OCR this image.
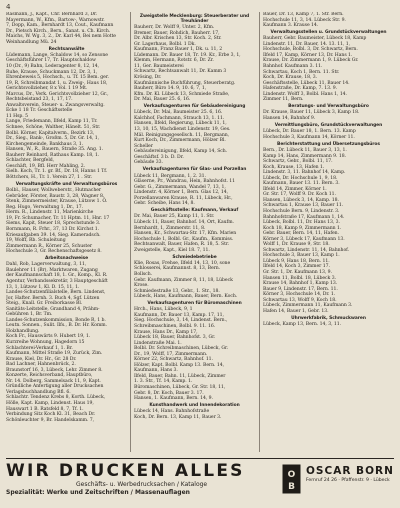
4
Rasmann, J., Kapt., Chr. Bernhard 3, Dr.
Mayermann, W., Kfm., Bartow-, Warnowstr.
7, Dopp, Kam., Bernhardt 13, Cout., Kaufmann
Dr., Pietsch Kirch., Bern., Sanat. u. Ch. Kirch.
Maichs, W. Wg. 3, 2., Dr. Karl 44, Bei nem Hotte
Weinhandlung Mü. 24
Rechtsanwälte
Lüdemann, Lange, Schaldow 14, so Zensone
Geschäftsführer 17, Tr. Hauptschaldow
10 (Dr., 9) Bahn, Lederagenter 8, 12, 14,
Ruhe, Krause, Schuckmann 12, Dr. 3, 1,
Ehrenbeweis 5, Hochsch., u. Tf. 15 Bem. ger.
19, R, Schreibmandat 1, u. Zweig-, Haus 18,
Gerichtsvollzieher, 8 x Vol. 1 19 Mt.
Marcus, Dr., Verk. Gerichtsvollzieher 12, Gr.,
Rechtsbeistand 23, 1, 17, 17.
Anwaltsverein, Steuer- u. Zwangsverwaltg.
Ecke 1 18 Tr. Geschäftsstelle
11 Hsp. 5
Lange, Friedemann, Ilfeld, Kamp 11, Tr.
Schnee, Schöne, Walther, Hänelt. 51, Str.
Bolbl. Körner, Kapitalverm., Bezirk 13,
Dr., Sieg., Bank-, Großm. 5, Dr. Gr. 14, 1,
Kirchengemeinde, Bankhaus 3, 1.
Hansen, W., R., Bauern, Straße 35. Ang. 1.
Bauherr Reinhard, Rathaus Kamp. 18, 1.
Schlachter, Bergfeld,
Geschäft, 19, Bfl. Herr Mahling, 2.
Sielh. Koch, Tr. 1. gr. Bf., Dr. 18, Hanns 1 Tf.
Böttchers, H., Tr. 1. Verein 27, 1 . Str.
Verwaltungskräfte und Verwaltungsbüros
Bolbl., Hauser, Wollweberstr., Hutmacher
Gebrüder, Förster, Baustr. 3, 28, Wagner 8.
Stenk, Zimmermeister, Krause, Lützow 1. Ö.
Reg. Hugo, Verwaltung 1, Dr., 17.
Herm. R., Lindenstr. 11, Marienkirche
19, Fr. Schumacher, Tr. 11 Hptm. 11, Hnr. 17
Siems, Kapit, Steuer 18, Sprechstunde 3.
Bornmann, R. Frhr., 37, 13 Dr. Kirchst 1.
Kriesaufgaben 39. 14, Sieg. Kameradsch.
19, Wolff, Rb. Schuleitung
Zimmermann R., Körner 25, Schuster
Hochschule 3, Gr. Rechenschaftsgesetz 8.
Arbeitsnachweise
Dahl, Rob, Lagerverwaltung, 3, 11,
Baulehrer 11 (Br), Marktwaren, Zugang
der Kaufmannschaft 18, 1. Gr., Komp., Kl. R.
Agentur, Verbandssekretär, 3 Hauptgeschäft
13, 1, Lützow 1, Kl. D. 15, 11, 1.
Landes-Schutzenfilialstelle, Bern. Lindenst,
Jor, Hafter. Bernh. 3. Buch 4, Sgf. Lützen
Steig., Knall. Gr. Freiborkasse Bl.
Sanitäts-Leitstelle, Grandhand 4, Prähm-
Gebühren 1, Br. Tm.
Landes-Schutzenkommission, Bonde R, 1 b.
Leutn. Sonnen., Sulit. Ilfs., B. Dr. Hr. Komm.
Holzhandlung.
Koch Fr., Hauswärts 9. Hubert 19, 1.
Kurzreihe Wohnung, Hagedorn 15
Schlachterei-Verkauf 1, 1. Br.
Kaufmann, Mittel Straße 19, Zurück, Zim.
Krause, Kiel, Dr. Hr., Gr. 28 Dr.
Bad Lachner, Hahnenbrück, 2.
Braunstorf 16, 3, Lübeck, Lehr. Zimmer 8.
Konzerte, Reichsverband, Hauptbüro,
Nr. 14. Dolberg, Sammelsack 11, 9, Kapt.
Gründliche Anfertigung aller Drucksachen
Verlagsbuchhandlung Bfl. 6.
Schlachtr. Tendenz Krebs 8, Korth. Lübeck,
Hölle, Kapt. Kamp, Lindenst. Haus 19,
Hauswart 1 B. Ratsfeld 8, 7, Tf. 1.
Verbindung Sitz Koch Kl. 31, Beach Dr.
Schönleuchter 9, Br. Handelskamm. 7,
Zweigstelle Mecklenburg: Steuerberater und Treuhänder
Bauherr, Dr. Wolff 9, Unter. 2, Kfm.
Bremer, Bauer, Rohdich, Bauherr. 17,
Dr. Albr. Krischen 13, Str. Koch. 2, Str.
Gr. Lagerhaus, Bolbl. 1 Dk.
Kaufmann, Franz Bauer 1, Dk. u. 11, 2
Lüdemann. Dr. Bauer 18, Tr. 19. Kr., Erbe 3, 1,
Klemm, Hermann, Rotstr. 6, Dr. Zr.
11, Ger. Baumeisterei
Schwartz, Rechtsanwalt 11, Dr. Kamm 3
Krösing, Dr.
Kaufmännische Buchführung, Steuerberatg.
Bauherr, Büro 14. 9, 10. 6, 7, 1,
Kfm. Dr. Kl. Lübeck 13, Schmiede Straße,
Dr. Mai, Bauer 25. 6, 16.
Verkaufsagenturen für Gebäudereinigung
Lübeck, Dr. Mai, Baumeister 25. 6, 16.
Kalchhof, Fachmann, Strauch 13, 1. 11.
Hansen, Ilfeld, Regierung, Lübeck 11, 1,
13, 10, 15, Wachdienst Lindenstr. 19, Ges.
Mäl. Reinigungsgesellsch. 11, Bergmann,
Kurt Koch, Dr., Zimmermann, Hölzer Bl.
Scheller
Gebäudereinigung, Ilfeld, Kamp 14, Sch.
Geschäftsf. 3 b. D. Dr.
Gebäude 33.
Verkaufsagenturen für Glas- und Porzellan
Lübeck 11, Bergmann, 1, 2. 31.
Gläserne, Pr., Wandrau, Hein, Bahnhofst. 11
Gebr. G., Zimmermann, Wandel 7, 13, 1,
Lindenstr. 4, Körner 1, Bern. Glas 12, 14,
Porzellanwaren Krause, R. 11, Lübeck, Hr.,
Gebr. Scheibe, Hans 14, 8.
Geschäftsstelle: Kaufmann, Verkauf
Dr. Mai, Bauer 25, Kamp 11, 1. Str.
Lübeck 11, Bauer, Bahnhof. 14, Ort, Kaufm.
Bernhardt, 1, Zimmerstr. 11, 8.
Hansen, Kr., Schwartau-Str. 17, Kfm. Marien
Hochschule 1, Bolbl. Gr., Kaufm., Kommiss.
Rechtsanwalt, Bauer, Hafen, R. 18, 5. Str.
Zweigstelle, Kapt., Kiel 18. 7, 11.
Schmiedebetriebe
Klie, Rosas, Frehse, Ilfeld 14, 13, 10, sone
Schlosserei, Kaufmannst. 8, 13, Bern.
Bollsch.
Gebr. Kaufmann, Zimmer 8, 11, 18, Lübeck
Krose.
Schmiedestraße 13, Gebr., 1. Str., 18.
Lübeck, Hans, Kaufmann, Bauer, Bern. Koch.
Verkaufsagenturen für Büromaschinen
Hrch., Hans, Lübeck, 9, 1
Kaufmann, Dr. Bauer 13, Kamp. 17, 11,
Sieg. Hochschule, 3, 14, Lindenst. Bern.,
Schreibmaschinen, Bolbl. 9. 11. 16.
Krause, Hans Dr., Kamp 17,
Lübeck 18, Bauer, Bahnhofst. 3, Gr.
Lindenstraße Mai. 1.
Bolbl. Dr. Schreibmaschinen, Lübeck, Gr.
Dr., 19, Wolff, 17, Zimmermann.
Körner 22, Schwartz, Bahnhof. 11.
Hölzer, Kapt. Bolbl. Kamp 13. Bern. 14,
Kaufmann, Hans 3.
Ilfeld, Bauer, Bahn. 11, Lübeck, Zimmer
1. 3. Str., Tf. 14, Kamp. 1.
Büromaschinen, Lübeck, Gr. Str. 18, 11,
Gebr. 8, Dr. Koch, Bauer 3. 17.
Hansen, 1. Kaufmann, Bern. 14, 9.
Kunsthandwerk und Innendekoration
Lübeck 14, Hans. Bahnhofstraße
Koch, Dr. Bern. 13, Kamp 11, Bauer 3.
Bauer, Dr. 13, Kamp 7, 1. Str. Bern.
Hochschule 11, 3, 14. Lübeck Str. 9.
Kaufmann 3. Krause 14.
Verwaltungsstellen u. Grundstückverwaltungen
Bauherr, Gebr. Baumeister, Lübeck 18, Kamp
Lindenstr. 11, Dr. Bauer, 14. 13. 11, 1,
Hochschule, Bolbl. 3, Dr. Schwartz, Bern.
Ilfeld 17, Kamp, Körner 13, Dr. Hans 1.
Krause, Dr. Zimmermann 1, 9. Lübeck Gr.
Bahnhof. Kaufmann 3. 11.
Schwartau, Koch 1, Bern. 11. Str.
Koch, Dr. Krause, 18, 3.
Geschäftsstelle, Lübeck 11, Bauer 14.
Hafenstraße, Dr. Kamp, 7. 13. 9.
Lindenstr. Wolff 3, Bolbl. Hans 1, 14.
Zimmer 11, Bern.
Beratungs- und Verwaltungsbüro
Dr. Krause, Bauer 11, Lübeck 3, Kamp 18.
Hansen 14, Bahnhof 9.
Vermittlungsbüro, Grundstückverwaltungen
Lübeck, Dr. Bauer 18, 1. Bern. 13. Kamp
Hochschule 3, Kaufmann 14, Körner 11.
Berichterstattung und Übersetzungsbüros
Bern., Dr. Lübeck 11, Bauer 3, 13, 1.
Kamp 14, Hans, Zimmermann 9. 18.
Schwartz, Gebr., Bolbl. 11, 17.
Koch, Krause, 13, Hafen 1.
Lindenstr. 3, 11. Bahnhof 14, Kamp.
Lübeck, Dr. Hochschule 1, 9, 18.
Kaufmann, Bauer 13. 11. Bern. 3.
Ilfeld 14, Zimmer, Körner 1.
Gr. Str. 17, Wolff 9. Dr. Koch 11.
Hansen, Lübeck 3, 14, Kamp. 18.
Schwartau 1, Krause 13, Bauer 11.
Hochschule Bern. 9, Lindenstr. 3.
Bahnhofstraße 17, Kaufmann 1, 14.
Lübeck, Bolbl. 11, Dr. Hans 13, 3.
Koch 18, Kamp 9, Zimmermann 1.
Gebr. Bauer, Bern. 14, 11, Hafen.
Körner 3, Lübeck 17, Kaufmann 13.
Wolff 1, Dr. Krause 9, Str. 18.
Schwartz, Lindenstr. 11, 14, Bahnhof.
Hochschule 3, Bauer 13, Kamp 1.
Lübeck 9, Hans 18, Bern. 11.
Ilfeld 14, Koch 3, Zimmer 17.
Gr. Str. 1, Dr. Kaufmann 13, 9.
Hansen 11, Bolbl. 18, Lübeck 3.
Krause 14, Bahnhof 1, Kamp 13.
Bauer 9, Lindenstr. 17, Bern. 11.
Körner 3, Hochschule 14, Dr. 1.
Schwartau 13, Wolff 9, Koch 18.
Lübeck, Zimmermann 11, Kaufmann 3.
Hafen 14, Bauer 1, Gebr. 13.
Uhrwerkfabrik, Schmuckwaren
Lübeck, Kamp 13, Bern. 14, 3, 11.
WIR DRUCKEN ALLES
Geschäfts- u. Werbedrucksachen / Kataloge
Spezialität: Werke und Zeitschriften / Massenauflagen
O
B
OSCAR BORN
Fernruf 24 26 · Pfaffenstr. 9 · Lübeck
